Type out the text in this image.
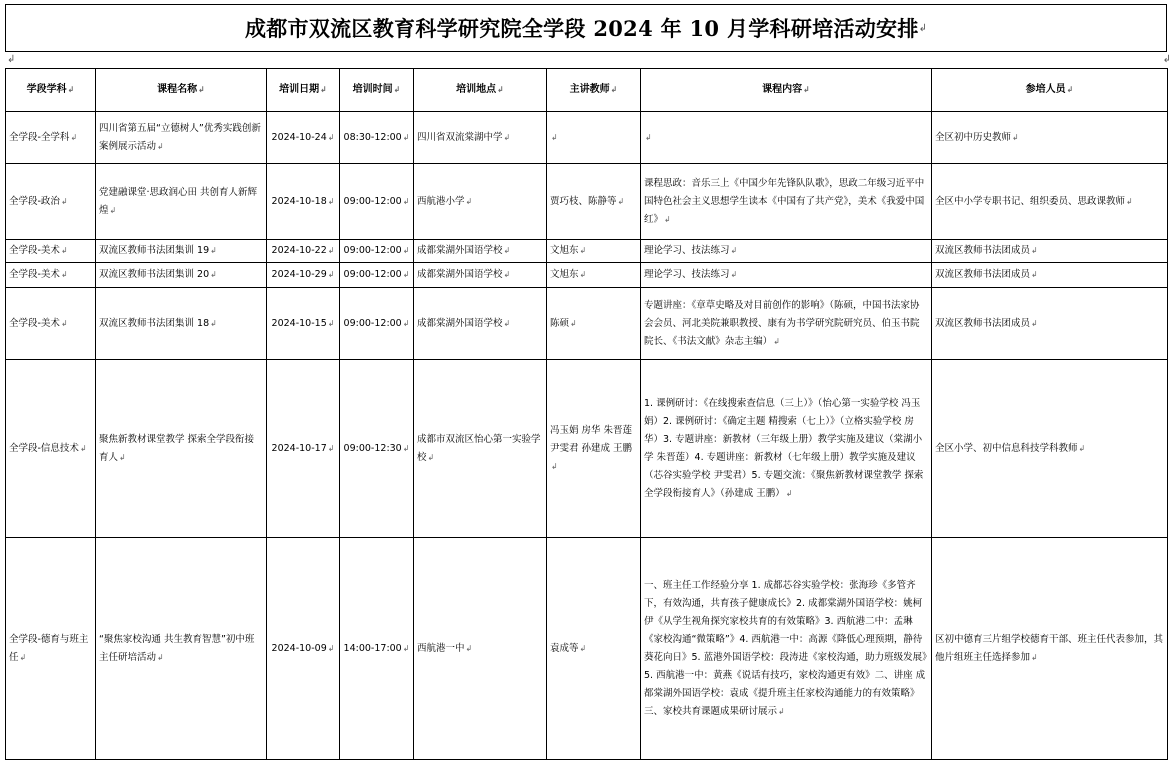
成都市双流区教育科学研究院全学段 2024 年 10 月学科研培活动安排 ↲
↲	↲
学段学科 ↲	课程名称 ↲	培训日期 ↲	培训时间 ↲	培训地点 ↲	主讲教师 ↲	课程内容 ↲	参培人员 ↲
全学段-全学科 ↲	四川省第五届“立德树人”优秀实践创新案例展示活动 ↲	2024-10-24 ↲	08:30-12:00 ↲	四川省双流棠湖中学 ↲	↲	↲	全区初中历史教师 ↲
全学段-政治 ↲	党建融课堂·思政润心田 共创育人新辉煌 ↲	2024-10-18 ↲	09:00-12:00 ↲	西航港小学 ↲	贾巧枝、陈静等 ↲	课程思政：音乐三上《中国少年先锋队队歌》，思政二年级习近平中国特色社会主义思想学生读本《中国有了共产党》，美术《我爱中国红》 ↲	全区中小学专职书记、组织委员、思政课教师 ↲
全学段-美术 ↲	双流区教师书法团集训 19 ↲	2024-10-22 ↲	09:00-12:00 ↲	成都棠湖外国语学校 ↲	文旭东 ↲	理论学习、技法练习 ↲	双流区教师书法团成员 ↲
全学段-美术 ↲	双流区教师书法团集训 20 ↲	2024-10-29 ↲	09:00-12:00 ↲	成都棠湖外国语学校 ↲	文旭东 ↲	理论学习、技法练习 ↲	双流区教师书法团成员 ↲
全学段-美术 ↲	双流区教师书法团集训 18 ↲	2024-10-15 ↲	09:00-12:00 ↲	成都棠湖外国语学校 ↲	陈硕 ↲	专题讲座：《章草史略及对目前创作的影响》（陈硕，中国书法家协会会员、河北美院兼职教授、康有为书学研究院研究员、伯玉书院院长、《书法文献》杂志主编） ↲	双流区教师书法团成员 ↲
全学段-信息技术 ↲	聚焦新教材课堂教学 探索全学段衔接育人 ↲	2024-10-17 ↲	09:00-12:30 ↲	成都市双流区怡心第一实验学校 ↲	冯玉娟 房华 朱晋莲 尹雯君 孙建成 王鹏 ↲	1. 课例研讨：《在线搜索查信息（三上）》（怡心第一实验学校 冯玉娟）2. 课例研讨：《确定主题 精搜索（七上）》（立格实验学校 房华）3. 专题讲座：新教材（三年级上册）教学实施及建议（棠湖小学 朱晋莲）4. 专题讲座：新教材（七年级上册）教学实施及建议（芯谷实验学校 尹雯君）5. 专题交流：《聚焦新教材课堂教学 探索全学段衔接育人》（孙建成 王鹏） ↲	全区小学、初中信息科技学科教师 ↲
全学段-德育与班主任 ↲	“聚焦家校沟通 共生教育智慧”初中班主任研培活动 ↲	2024-10-09 ↲	14:00-17:00 ↲	西航港一中 ↲	袁成等 ↲	一、班主任工作经验分享 1. 成都芯谷实验学校：张海珍《多管齐下，有效沟通，共育孩子健康成长》2. 成都棠湖外国语学校：姚柯伊《从学生视角探究家校共育的有效策略》3. 西航港二中：孟琳 《家校沟通“微策略”》4. 西航港一中：高源《降低心理预期，静待葵花向日》5. 蓝港外国语学校：段涛进《家校沟通，助力班级发展》5. 西航港一中：黄燕《说话有技巧，家校沟通更有效》二、讲座 成都棠湖外国语学校：袁成《提升班主任家校沟通能力的有效策略》三、家校共育课题成果研讨展示 ↲	区初中德育三片组学校德育干部、班主任代表参加，其他片组班主任选择参加 ↲
